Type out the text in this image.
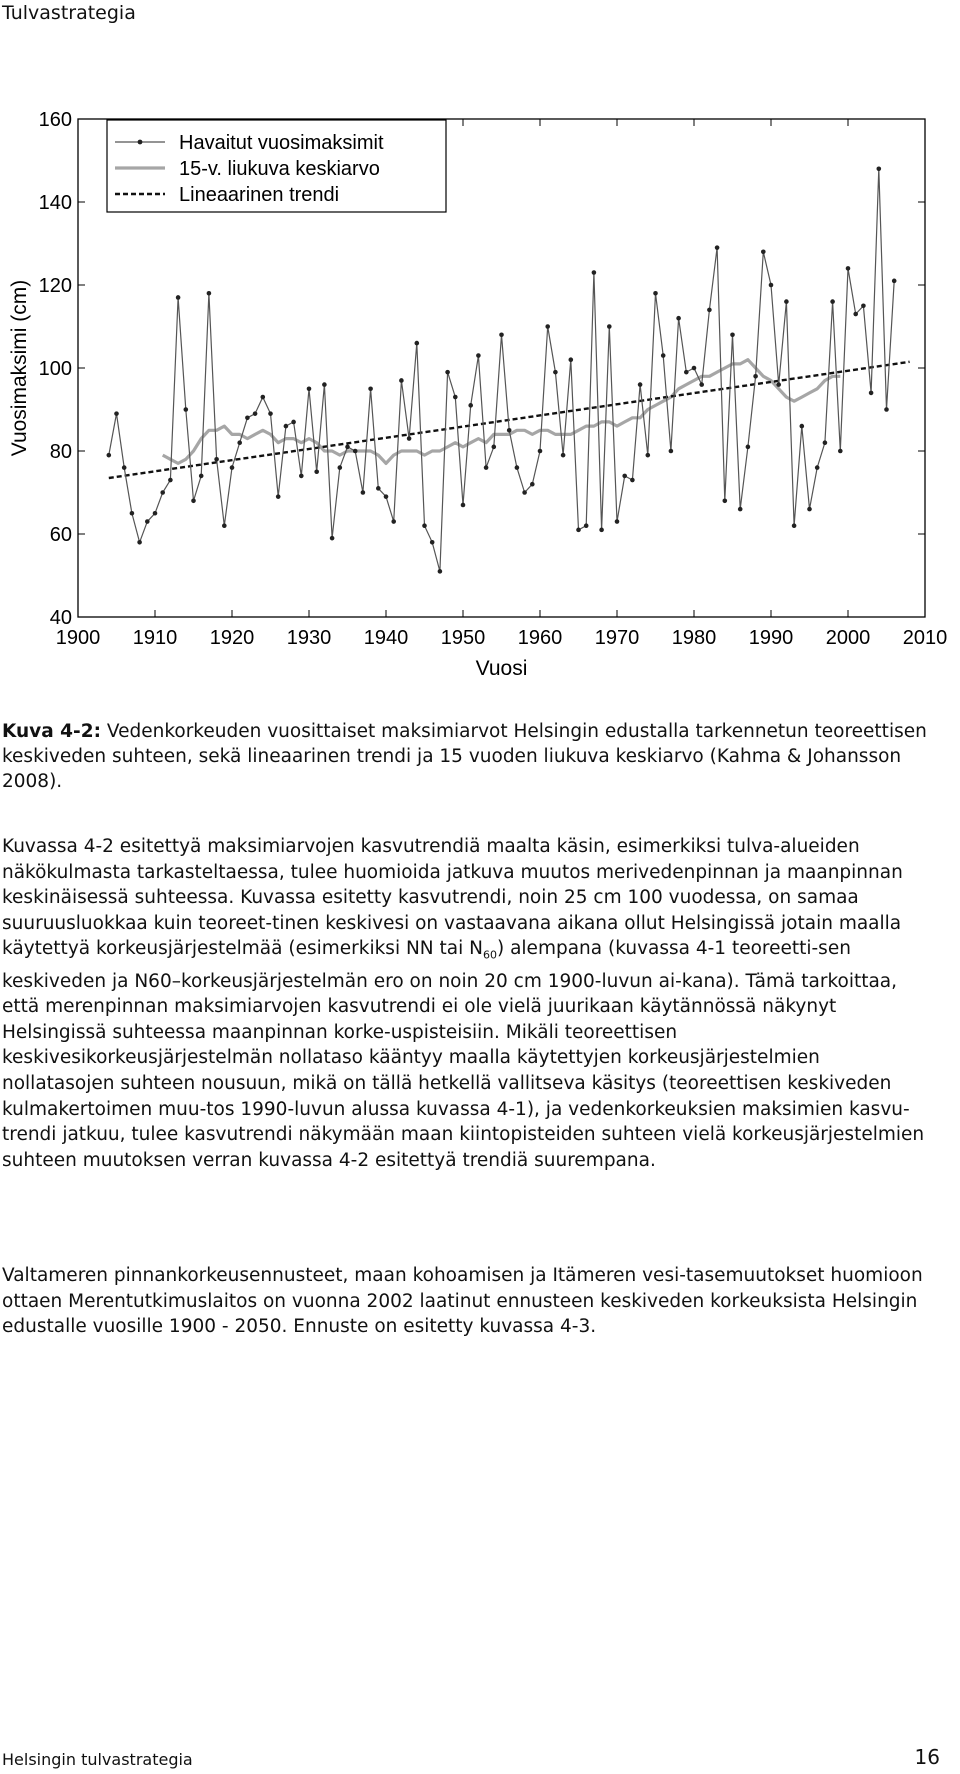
Tulvastrategia
40
60
80
100
120
140
160
1900 1910 1920 1930 1940 1950 1960 1970 1980 1990 2000 2010
Vuosi
Vuosimaksimi (cm)
Havaitut vuosimaksimit
15-v. liukuva keskiarvo
Lineaarinen trendi
Kuva 4-2: Vedenkorkeuden vuosittaiset maksimiarvot Helsingin edustalla tarkennetun teoreettisen keskiveden suhteen, sekä lineaarinen trendi ja 15 vuoden liukuva keskiarvo (Kahma & Johansson 2008).
Kuvassa 4-2 esitettyä maksimiarvojen kasvutrendiä maalta käsin, esimerkiksi tulva-alueiden näkökulmasta tarkasteltaessa, tulee huomioida jatkuva muutos merivedenpinnan ja maanpinnan keskinäisessä suhteessa. Kuvassa esitetty kasvutrendi, noin 25 cm 100 vuodessa, on samaa suuruusluokkaa kuin teoreet-tinen keskivesi on vastaavana aikana ollut Helsingissä jotain maalla käytettyä korkeusjärjestelmää (esimerkiksi NN tai $N_{60}$) alempana (kuvassa 4-1 teoreetti-sen keskiveden ja N60–korkeusjärjestelmän ero on noin 20 cm 1900-luvun ai-kana). Tämä tarkoittaa, että merenpinnan maksimiarvojen kasvutrendi ei ole vielä juurikaan käytännössä näkynyt Helsingissä suhteessa maanpinnan korke-uspisteisiin. Mikäli teoreettisen keskivesikorkeusjärjestelmän nollataso kääntyy maalla käytettyjen korkeusjärjestelmien nollatasojen suhteen nousuun, mikä on tällä hetkellä vallitseva käsitys (teoreettisen keskiveden kulmakertoimen muu-tos 1990-luvun alussa kuvassa 4-1), ja vedenkorkeuksien maksimien kasvu-trendi jatkuu, tulee kasvutrendi näkymään maan kiintopisteiden suhteen vielä korkeusjärjestelmien suhteen muutoksen verran kuvassa 4-2 esitettyä trendiä suurempana.
Valtameren pinnankorkeusennusteet, maan kohoamisen ja Itämeren vesi-tasemuutokset huomioon ottaen Merentutkimuslaitos on vuonna 2002 laatinut ennusteen keskiveden korkeuksista Helsingin edustalle vuosille 1900 - 2050. Ennuste on esitetty kuvassa 4-3.
Helsingin tulvastrategia	16
